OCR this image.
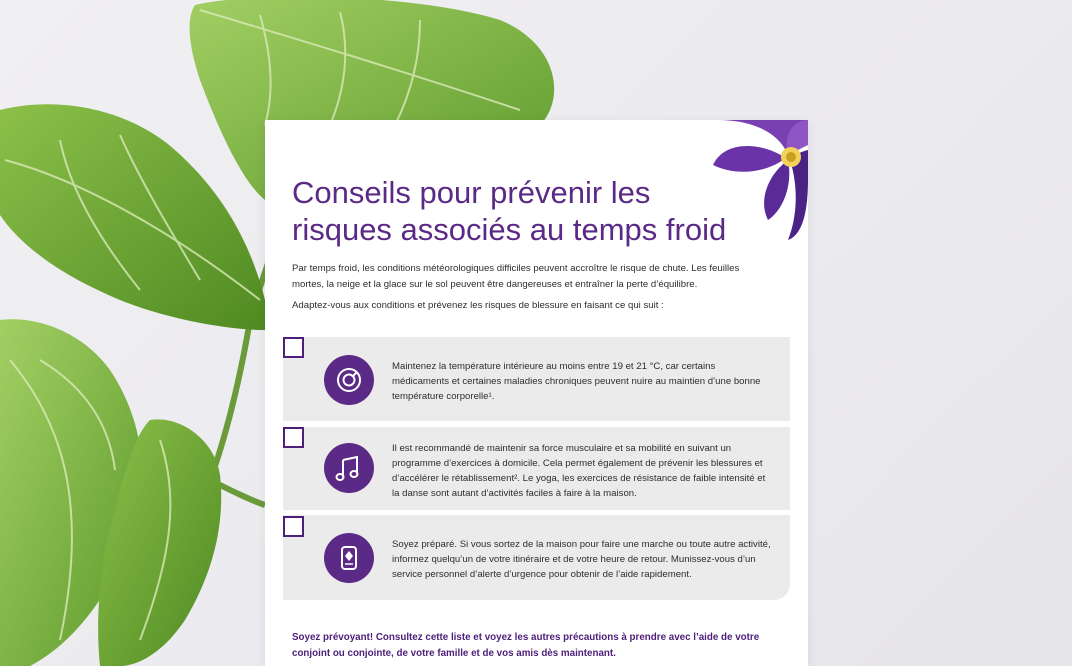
Conseils pour prévenir les risques associés au temps froid

Par temps froid, les conditions météorologiques difficiles peuvent accroître le risque de chute. Les feuilles mortes, la neige et la glace sur le sol peuvent être dangereuses et entraîner la perte d’équilibre.

Adaptez-vous aux conditions et prévenez les risques de blessure en faisant ce qui suit :

Maintenez la température intérieure au moins entre 19 et 21 °C, car certains médicaments et certaines maladies chroniques peuvent nuire au maintien d’une bonne température corporelle¹.

Il est recommandé de maintenir sa force musculaire et sa mobilité en suivant un programme d’exercices à domicile. Cela permet également de prévenir les blessures et d’accélérer le rétablissement². Le yoga, les exercices de résistance de faible intensité et la danse sont autant d’activités faciles à faire à la maison.

Soyez préparé. Si vous sortez de la maison pour faire une marche ou toute autre activité, informez quelqu’un de votre itinéraire et de votre heure de retour. Munissez-vous d’un service personnel d’alerte d’urgence pour obtenir de l’aide rapidement.

Soyez prévoyant! Consultez cette liste et voyez les autres précautions à prendre avec l’aide de votre conjoint ou conjointe, de votre famille et de vos amis dès maintenant.
